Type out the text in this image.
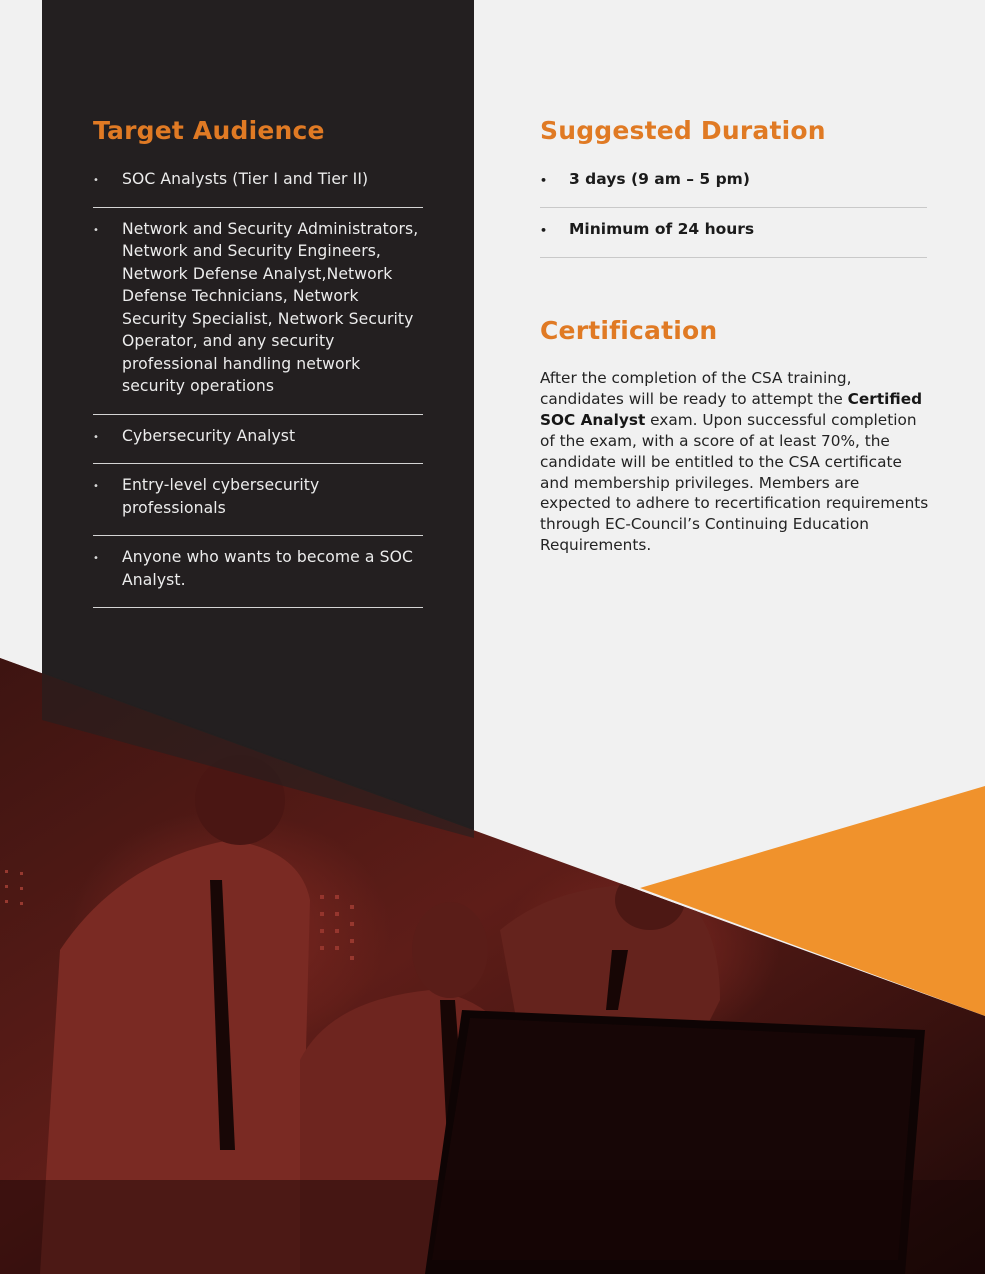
Target Audience
• SOC Analysts (Tier I and Tier II)
• Network and Security Administrators, Network and Security Engineers, Network Defense Analyst,Network Defense Technicians, Network Security Specialist, Network Security Operator, and any security professional handling network security operations
• Cybersecurity Analyst
• Entry-level cybersecurity professionals
• Anyone who wants to become a SOC Analyst.
Suggested Duration
• 3 days (9 am – 5 pm)
• Minimum of 24 hours
Certification

After the completion of the CSA training, candidates will be ready to attempt the Certified SOC Analyst exam. Upon successful completion of the exam, with a score of at least 70%, the candidate will be entitled to the CSA certificate and membership privileges. Members are expected to adhere to recertification requirements through EC-Council’s Continuing Education Requirements.
